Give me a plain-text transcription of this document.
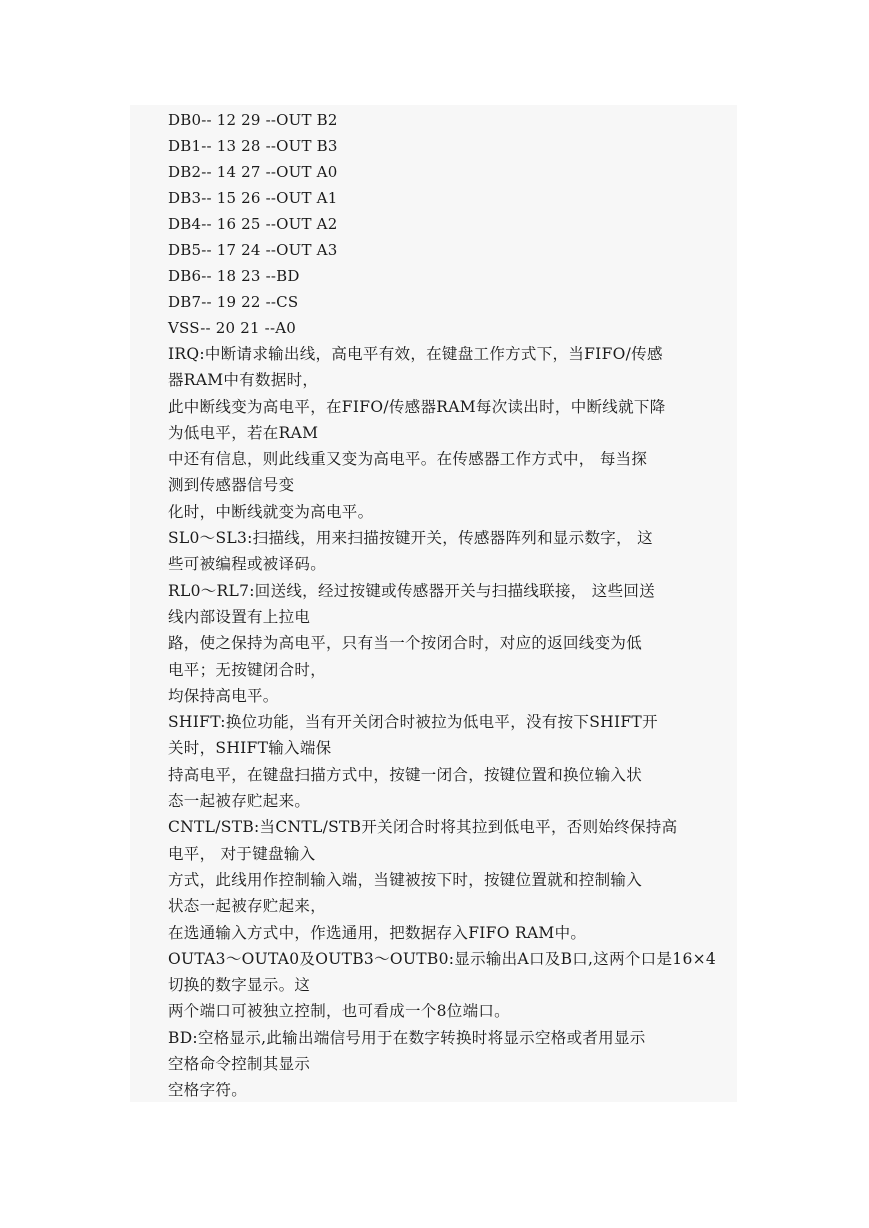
DB0-- 12 29 --OUT B2
DB1-- 13 28 --OUT B3
DB2-- 14 27 --OUT A0
DB3-- 15 26 --OUT A1
DB4-- 16 25 --OUT A2
DB5-- 17 24 --OUT A3
DB6-- 18 23 --BD
DB7-- 19 22 --CS
VSS-- 20 21 --A0

IRQ:中断请求输出线，高电平有效，在键盘工作方式下，当FIFO/传感
器RAM中有数据时，

此中断线变为高电平，在FIFO/传感器RAM每次读出时，中断线就下降
为低电平，若在RAM

中还有信息，则此线重又变为高电平。在传感器工作方式中， 每当探
测到传感器信号变

化时，中断线就变为高电平。

SL0～SL3:扫描线，用来扫描按键开关，传感器阵列和显示数字， 这
些可被编程或被译码。

RL0～RL7:回送线，经过按键或传感器开关与扫描线联接， 这些回送
线内部设置有上拉电

路，使之保持为高电平，只有当一个按闭合时，对应的返回线变为低
电平；无按键闭合时，

均保持高电平。

SHIFT:换位功能，当有开关闭合时被拉为低电平，没有按下SHIFT开
关时，SHIFT输入端保

持高电平，在键盘扫描方式中，按键一闭合，按键位置和换位输入状
态一起被存贮起来。

CNTL/STB:当CNTL/STB开关闭合时将其拉到低电平，否则始终保持高
电平， 对于键盘输入

方式，此线用作控制输入端，当键被按下时，按键位置就和控制输入
状态一起被存贮起来，

在选通输入方式中，作选通用，把数据存入FIFO RAM中。

OUTA3～OUTA0及OUTB3～OUTB0:显示输出A口及B口,这两个口是16×4
切换的数字显示。这

两个端口可被独立控制，也可看成一个8位端口。

BD:空格显示,此输出端信号用于在数字转换时将显示空格或者用显示
空格命令控制其显示

空格字符。
